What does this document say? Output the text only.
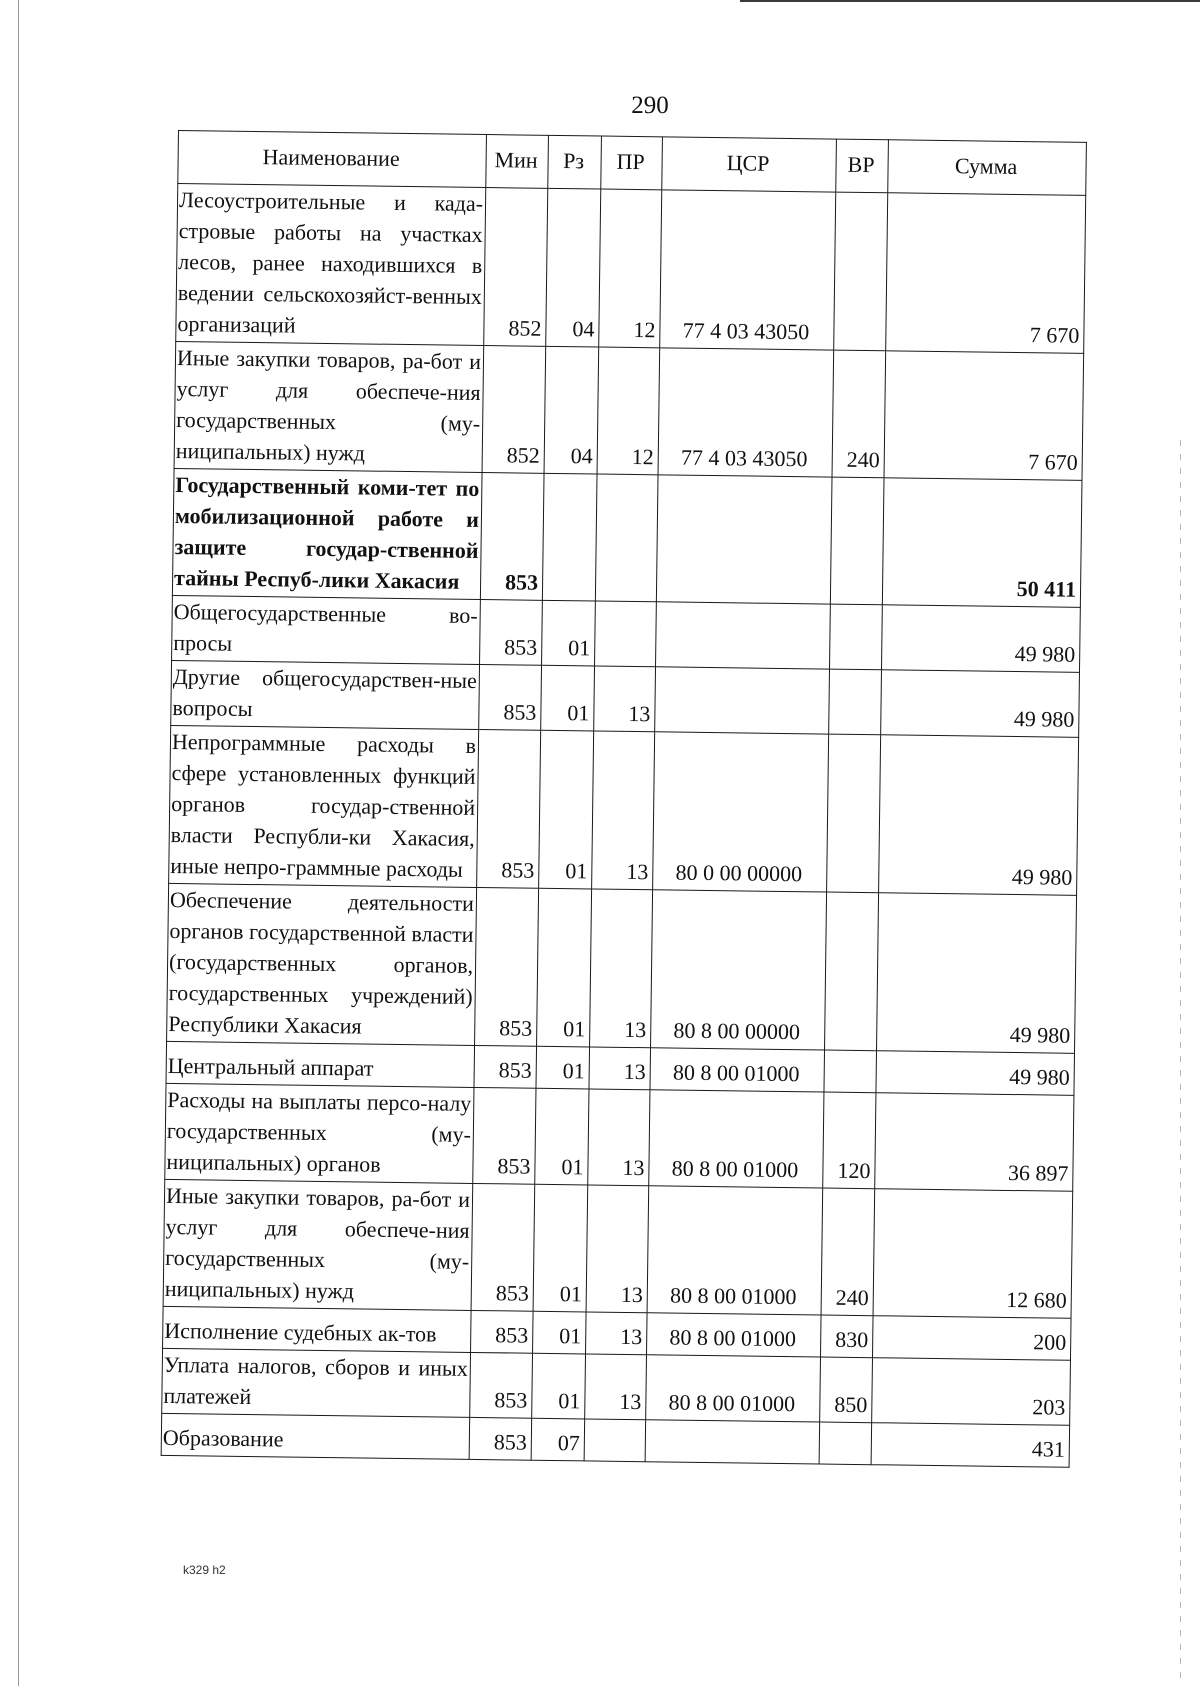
290
Наименование	Мин	Рз	ПР	ЦСР	ВР	Сумма
Лесоустроительные и када-стровые работы на участках лесов, ранее находившихся в ведении сельскохозяйст-венных организаций	852	04	12	77 4 03 43050		7 670
Иные закупки товаров, ра-бот и услуг для обеспече-ния государственных (му-ниципальных) нужд	852	04	12	77 4 03 43050	240	7 670
Государственный коми-тет по мобилизационной работе и защите государ-ственной тайны Респуб-лики Хакасия	853					50 411
Общегосударственные во-просы	853	01				49 980
Другие общегосударствен-ные вопросы	853	01	13			49 980
Непрограммные расходы в сфере установленных функций органов государ-ственной власти Республи-ки Хакасия, иные непро-граммные расходы	853	01	13	80 0 00 00000		49 980
Обеспечение деятельности органов государственной власти (государственных органов, государственных учреждений) Республики Хакасия	853	01	13	80 8 00 00000		49 980
Центральный аппарат	853	01	13	80 8 00 01000		49 980
Расходы на выплаты персо-налу государственных (му-ниципальных) органов	853	01	13	80 8 00 01000	120	36 897
Иные закупки товаров, ра-бот и услуг для обеспече-ния государственных (му-ниципальных) нужд	853	01	13	80 8 00 01000	240	12 680
Исполнение судебных ак-тов	853	01	13	80 8 00 01000	830	200
Уплата налогов, сборов и иных платежей	853	01	13	80 8 00 01000	850	203
Образование	853	07				431
k329 h2
